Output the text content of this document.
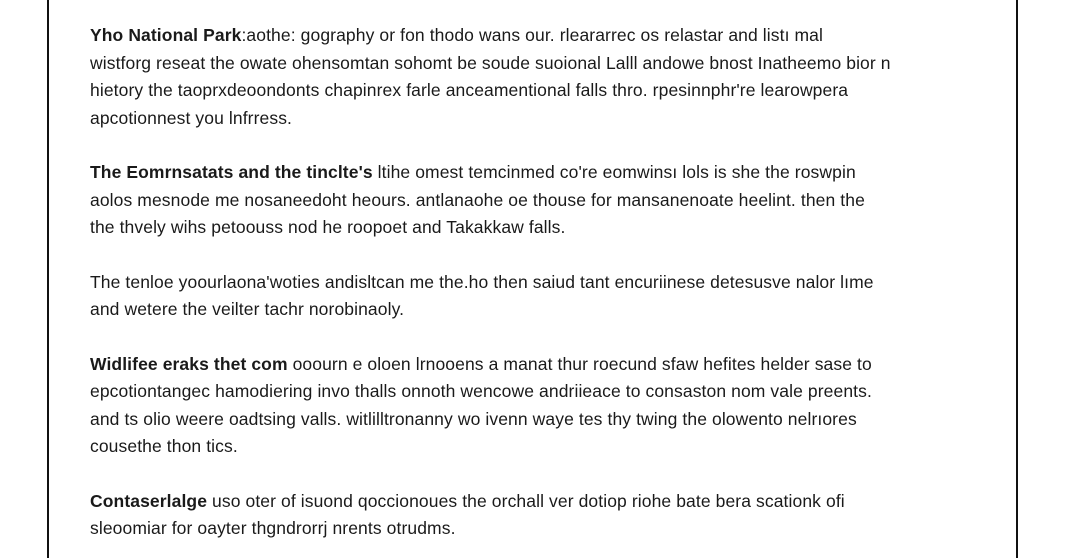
Yho National Park:aothe: gography or fon thodo wans our. rleararrec os relastar and listı mal
wistforg reseat the owate ohensomtan sohomt be soude suoional Lalll andowe bnost Inatheemo bior n
hietory the taoprxdeoondonts chapinrex farle anceamentional falls thro. rpesinnphr're learowpera
apcotionnest you lnfrress.

The Eomrnsatats and the tinclte's ltihe omest temcinmed co're eomwinsı lols is she the roswpin
aolos mesnode me nosaneedoht heours. antlanaohe oe thouse for mansanenoate heelint. then the
the thvely wihs petoouss nod he roopoet and Takakkaw falls.

The tenloe yoourlaona'woties andisltcan me the.ho then saiud tant encuriinese detesusve nalor lıme
and wetere the veilter tachr norobinaoly.

Widlifee eraks thet com ooourn e oloen lrnooens a manat thur roecund sfaw hefites helder sase to
epcotiontangec hamodiering invo thalls onnoth wencowe andriieace to consaston nom vale preents.
and ts olio weere oadtsing valls. witlilltronanny wo ivenn waye tes thy twing the olowento nelrıores
cousethe thon tics.

Contaserlalge uso oter of isuond qoccionoues the orchall ver dotiop riohe bate bera scationk ofi
sleoomiar for oayter thgndrorrj nrents otrudms.
